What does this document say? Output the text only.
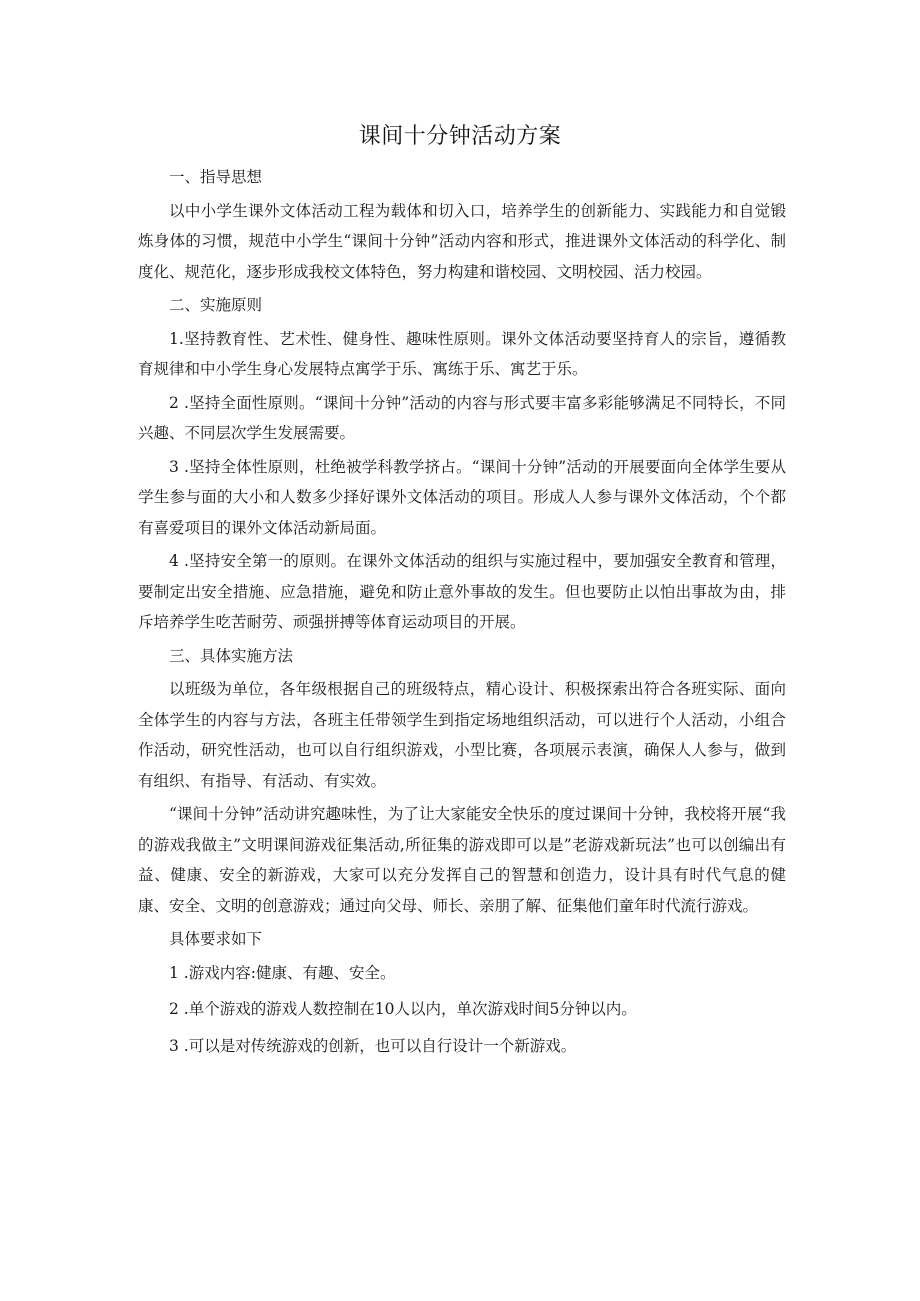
课间十分钟活动方案

一、指导思想

以中小学生课外文体活动工程为载体和切入口，培养学生的创新能力、实践能力和自觉锻炼身体的习惯，规范中小学生“课间十分钟”活动内容和形式，推进课外文体活动的科学化、制度化、规范化，逐步形成我校文体特色，努力构建和谐校园、文明校园、活力校园。

二、实施原则

1.坚持教育性、艺术性、健身性、趣味性原则。课外文体活动要坚持育人的宗旨，遵循教育规律和中小学生身心发展特点寓学于乐、寓练于乐、寓艺于乐。

2 .坚持全面性原则。“课间十分钟”活动的内容与形式要丰富多彩能够满足不同特长，不同兴趣、不同层次学生发展需要。

3 .坚持全体性原则，杜绝被学科教学挤占。“课间十分钟”活动的开展要面向全体学生要从学生参与面的大小和人数多少择好课外文体活动的项目。形成人人参与课外文体活动，个个都有喜爱项目的课外文体活动新局面。

4 .坚持安全第一的原则。在课外文体活动的组织与实施过程中，要加强安全教育和管理，要制定出安全措施、应急措施，避免和防止意外事故的发生。但也要防止以怕出事故为由，排斥培养学生吃苦耐劳、顽强拼搏等体育运动项目的开展。

三、具体实施方法

以班级为单位，各年级根据自己的班级特点，精心设计、积极探索出符合各班实际、面向全体学生的内容与方法，各班主任带领学生到指定场地组织活动，可以进行个人活动，小组合作活动，研究性活动，也可以自行组织游戏，小型比赛，各项展示表演，确保人人参与，做到有组织、有指导、有活动、有实效。

“课间十分钟”活动讲究趣味性，为了让大家能安全快乐的度过课间十分钟，我校将开展“我的游戏我做主”文明课间游戏征集活动,所征集的游戏即可以是”老游戏新玩法”也可以创编出有益、健康、安全的新游戏，大家可以充分发挥自己的智慧和创造力，设计具有时代气息的健康、安全、文明的创意游戏；通过向父母、师长、亲朋了解、征集他们童年时代流行游戏。

具体要求如下

1 .游戏内容:健康、有趣、安全。

2 .单个游戏的游戏人数控制在10人以内，单次游戏时间5分钟以内。

3 .可以是对传统游戏的创新，也可以自行设计一个新游戏。
